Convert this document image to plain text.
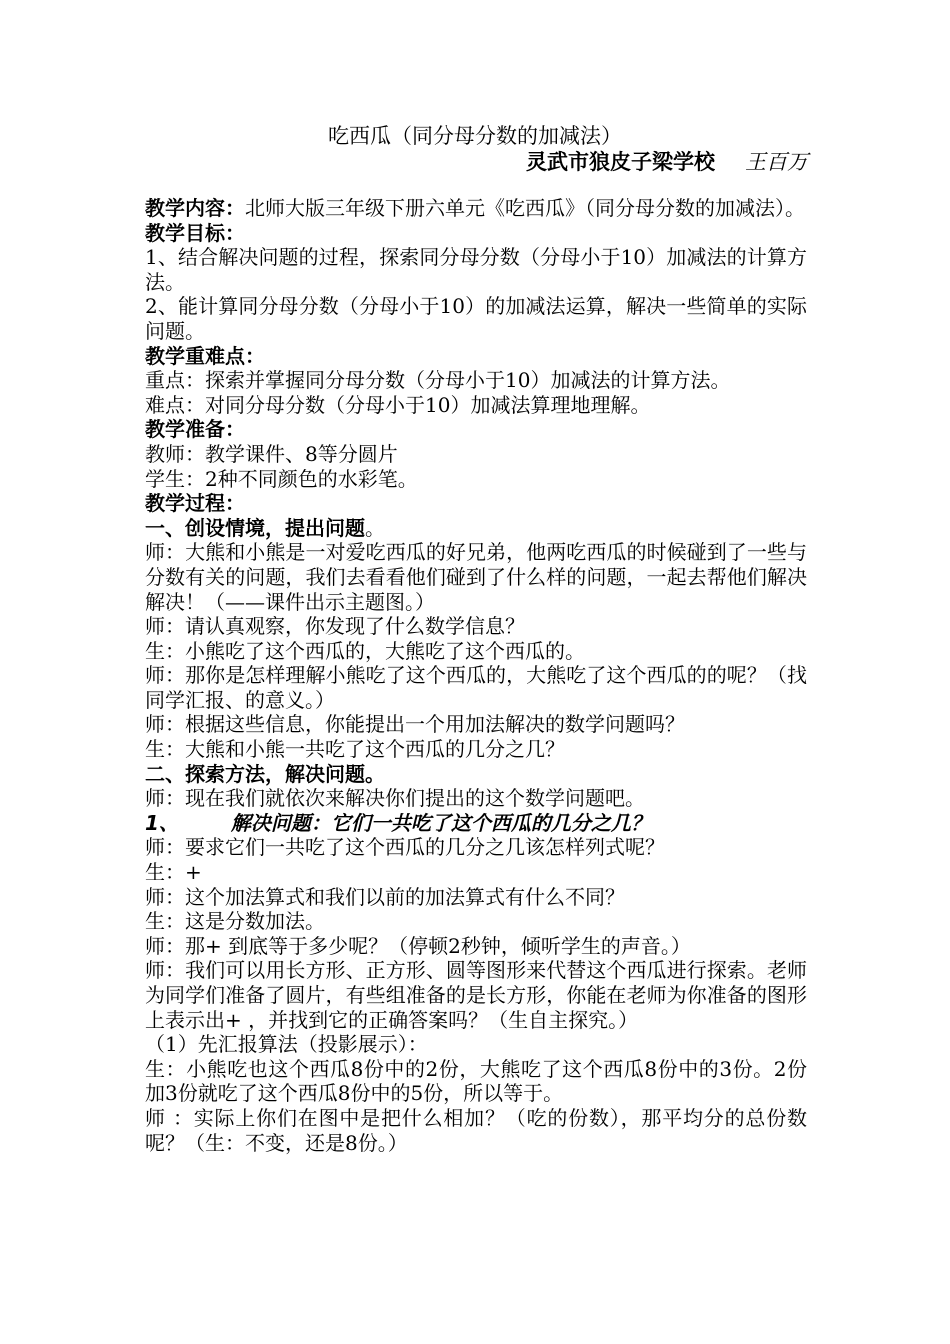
吃西瓜（同分母分数的加减法）
灵武市狼皮子梁学校 王百万

教学内容：北师大版三年级下册六单元《吃西瓜》（同分母分数的加减法）。

教学目标：

1、结合解决问题的过程，探索同分母分数（分母小于10）加减法的计算方法。

2、能计算同分母分数（分母小于10）的加减法运算，解决一些简单的实际问题。

教学重难点：

重点：探索并掌握同分母分数（分母小于10）加减法的计算方法。

难点：对同分母分数（分母小于10）加减法算理地理解。

教学准备：

教师：教学课件、8等分圆片

学生：2种不同颜色的水彩笔。

教学过程：

一、创设情境，提出问题。

师：大熊和小熊是一对爱吃西瓜的好兄弟，他两吃西瓜的时候碰到了一些与分数有关的问题，我们去看看他们碰到了什么样的问题，一起去帮他们解决解决！（——课件出示主题图。）

师：请认真观察，你发现了什么数学信息？

生：小熊吃了这个西瓜的，大熊吃了这个西瓜的。

师：那你是怎样理解小熊吃了这个西瓜的，大熊吃了这个西瓜的的呢？（找同学汇报、的意义。）

师：根据这些信息，你能提出一个用加法解决的数学问题吗？

生：大熊和小熊一共吃了这个西瓜的几分之几？

二、探索方法，解决问题。

师：现在我们就依次来解决你们提出的这个数学问题吧。

1、	解决问题：它们一共吃了这个西瓜的几分之几？

师：要求它们一共吃了这个西瓜的几分之几该怎样列式呢？

生：+

师：这个加法算式和我们以前的加法算式有什么不同？

生：这是分数加法。

师：那+ 到底等于多少呢？（停顿2秒钟，倾听学生的声音。）

师：我们可以用长方形、正方形、圆等图形来代替这个西瓜进行探索。老师为同学们准备了圆片，有些组准备的是长方形，你能在老师为你准备的图形上表示出+ ，并找到它的正确答案吗？（生自主探究。）

（1）先汇报算法（投影展示）：

生：小熊吃也这个西瓜8份中的2份，大熊吃了这个西瓜8份中的3份。2份加3份就吃了这个西瓜8份中的5份，所以等于。

师 ：实际上你们在图中是把什么相加？（吃的份数），那平均分的总份数呢？（生：不变，还是8份。）
